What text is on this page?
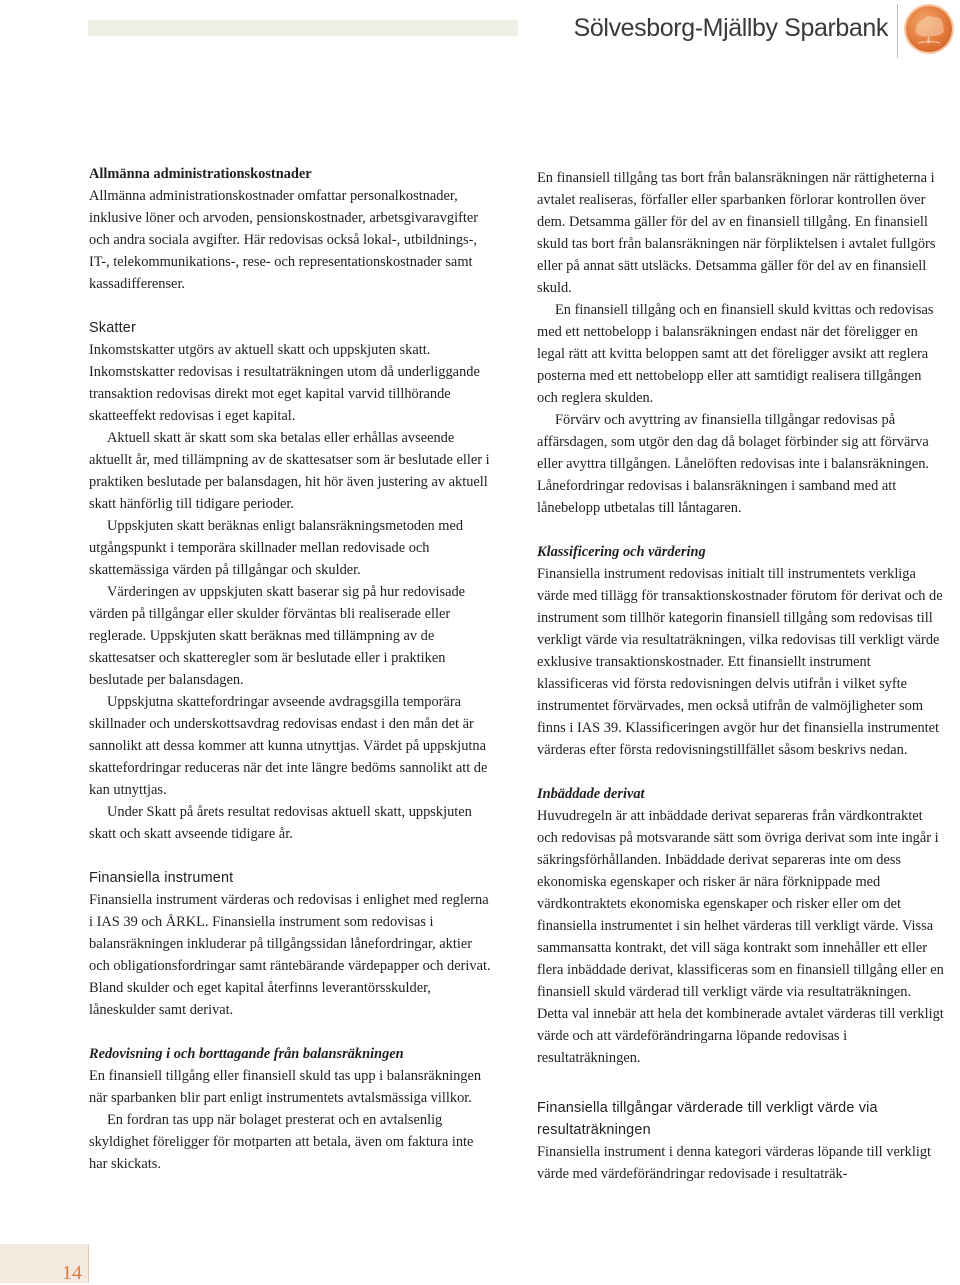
Sölvesborg-Mjällby Sparbank
Allmänna administrationskostnader

Allmänna administrationskostnader omfattar personalkostnader, inklusive löner och arvoden, pensionskostnader, arbetsgivaravgifter och andra sociala avgifter. Här redovisas också lokal-, utbildnings-, IT-, telekommunikations-, rese- och representationskostnader samt kassadifferenser.

Skatter

Inkomstskatter utgörs av aktuell skatt och uppskjuten skatt. Inkomstskatter redovisas i resultaträkningen utom då underliggande transaktion redovisas direkt mot eget kapital varvid tillhörande skatteeffekt redovisas i eget kapital.

Aktuell skatt är skatt som ska betalas eller erhållas avseende aktuellt år, med tillämpning av de skattesatser som är beslutade eller i praktiken beslutade per balansdagen, hit hör även justering av aktuell skatt hänförlig till tidigare perioder.

Uppskjuten skatt beräknas enligt balansräkningsmetoden med utgångspunkt i temporära skillnader mellan redovisade och skattemässiga värden på tillgångar och skulder.

Värderingen av uppskjuten skatt baserar sig på hur redovisade värden på tillgångar eller skulder förväntas bli realiserade eller reglerade. Uppskjuten skatt beräknas med tillämpning av de skattesatser och skatteregler som är beslutade eller i praktiken beslutade per balansdagen.

Uppskjutna skattefordringar avseende avdragsgilla temporära skillnader och underskottsavdrag redovisas endast i den mån det är sannolikt att dessa kommer att kunna utnyttjas. Värdet på uppskjutna skattefordringar reduceras när det inte längre bedöms sannolikt att de kan utnyttjas.

Under Skatt på årets resultat redovisas aktuell skatt, uppskjuten skatt och skatt avseende tidigare år.

Finansiella instrument

Finansiella instrument värderas och redovisas i enlighet med reglerna i IAS 39 och ÅRKL. Finansiella instrument som redovisas i balansräkningen inkluderar på tillgångssidan lånefordringar, aktier och obligationsfordringar samt räntebärande värdepapper och derivat. Bland skulder och eget kapital återfinns leverantörsskulder, låneskulder samt derivat.

Redovisning i och borttagande från balansräkningen

En finansiell tillgång eller finansiell skuld tas upp i balansräkningen när sparbanken blir part enligt instrumentets avtalsmässiga villkor.

En fordran tas upp när bolaget presterat och en avtalsenlig skyldighet föreligger för motparten att betala, även om faktura inte har skickats.

En finansiell tillgång tas bort från balansräkningen när rättigheterna i avtalet realiseras, förfaller eller sparbanken förlorar kontrollen över dem. Detsamma gäller för del av en finansiell tillgång. En finansiell skuld tas bort från balansräkningen när förpliktelsen i avtalet fullgörs eller på annat sätt utsläcks. Detsamma gäller för del av en finansiell skuld.

En finansiell tillgång och en finansiell skuld kvittas och redovisas med ett nettobelopp i balansräkningen endast när det föreligger en legal rätt att kvitta beloppen samt att det föreligger avsikt att reglera posterna med ett nettobelopp eller att samtidigt realisera tillgången och reglera skulden.

Förvärv och avyttring av finansiella tillgångar redovisas på affärsdagen, som utgör den dag då bolaget förbinder sig att förvärva eller avyttra tillgången. Lånelöften redovisas inte i balansräkningen. Lånefordringar redovisas i balansräkningen i samband med att lånebelopp utbetalas till låntagaren.

Klassificering och värdering

Finansiella instrument redovisas initialt till instrumentets verkliga värde med tillägg för transaktionskostnader förutom för derivat och de instrument som tillhör kategorin finansiell tillgång som redovisas till verkligt värde via resultaträkningen, vilka redovisas till verkligt värde exklusive transaktionskostnader. Ett finansiellt instrument klassificeras vid första redovisningen delvis utifrån i vilket syfte instrumentet förvärvades, men också utifrån de valmöjligheter som finns i IAS 39. Klassificeringen avgör hur det finansiella instrumentet värderas efter första redovisningstillfället såsom beskrivs nedan.

Inbäddade derivat

Huvudregeln är att inbäddade derivat separeras från värdkontraktet och redovisas på motsvarande sätt som övriga derivat som inte ingår i säkringsförhållanden. Inbäddade derivat separeras inte om dess ekonomiska egenskaper och risker är nära förknippade med värdkontraktets ekonomiska egenskaper och risker eller om det finansiella instrumentet i sin helhet värderas till verkligt värde. Vissa sammansatta kontrakt, det vill säga kontrakt som innehåller ett eller flera inbäddade derivat, klassificeras som en finansiell tillgång eller en finansiell skuld värderad till verkligt värde via resultaträkningen. Detta val innebär att hela det kombinerade avtalet värderas till verkligt värde och att värdeförändringarna löpande redovisas i resultaträkningen.

Finansiella tillgångar värderade till verkligt värde via resultaträkningen

Finansiella instrument i denna kategori värderas löpande till verkligt värde med värdeförändringar redovisade i resultaträk-

14
